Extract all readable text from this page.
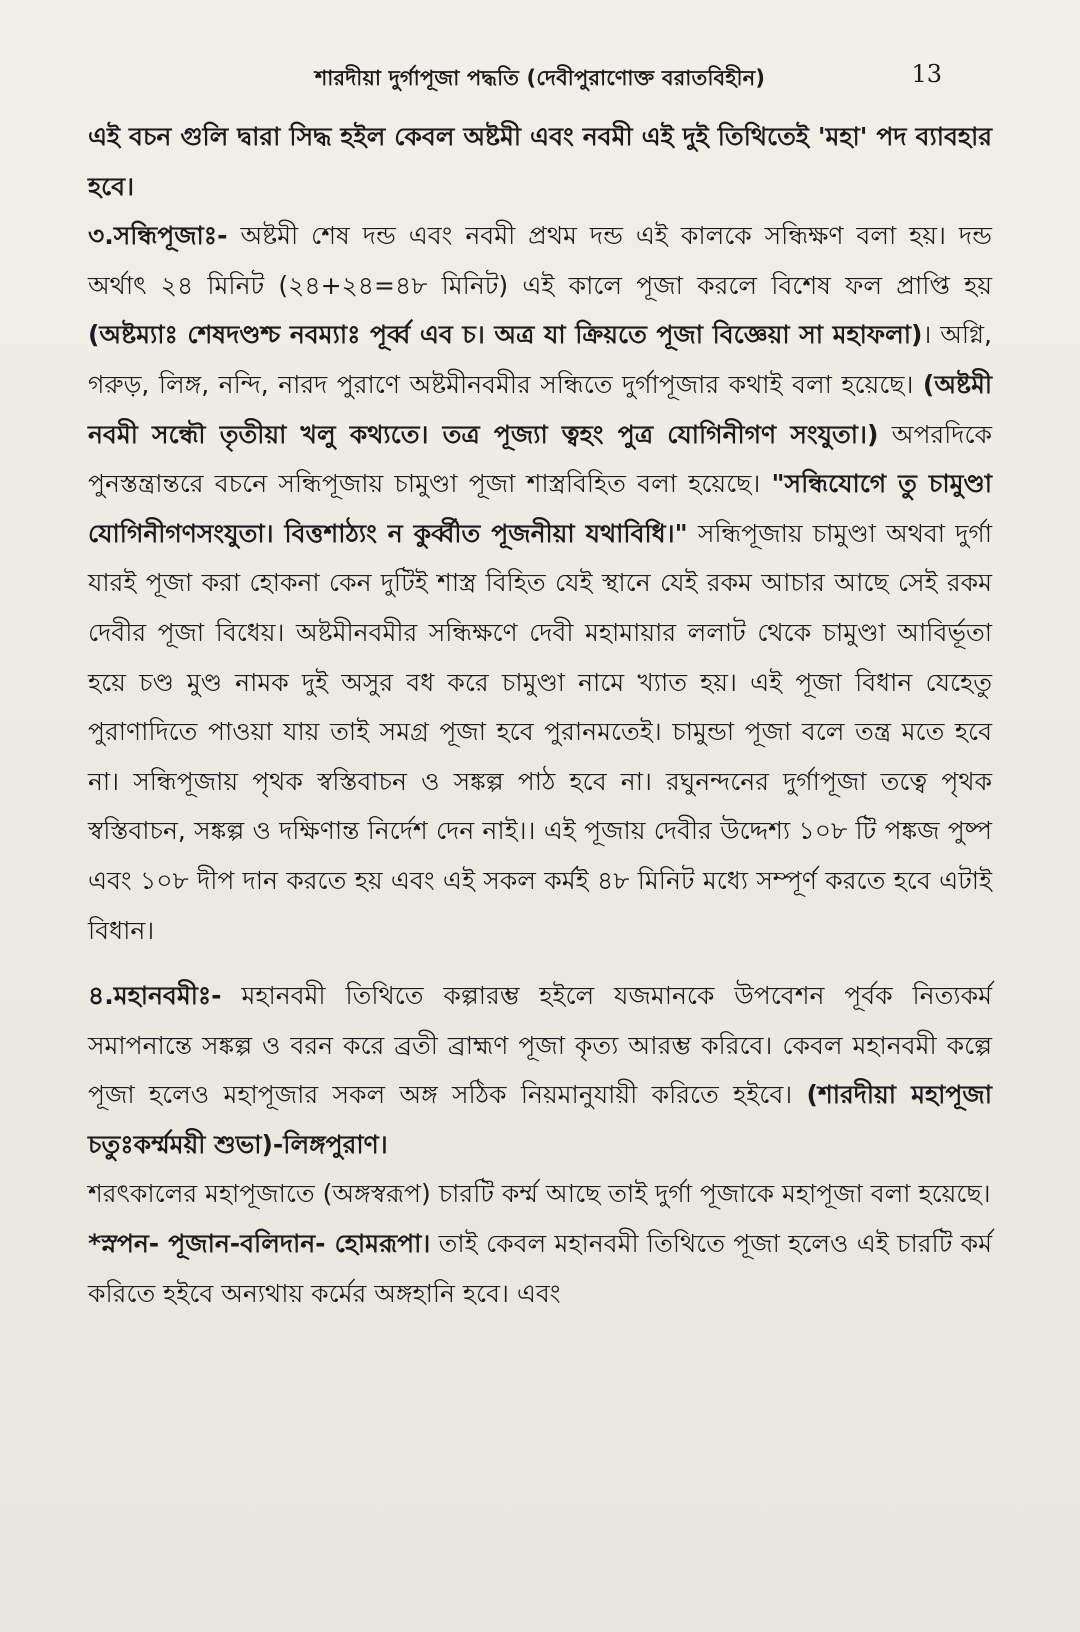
শারদীয়া দুর্গাপূজা পদ্ধতি (দেবীপুরাণোক্ত বরাতবিহীন)	13

এই বচন গুলি দ্বারা সিদ্ধ হইল কেবল অষ্টমী এবং নবমী এই দুই তিথিতেই 'মহা' পদ ব্যাবহার হবে।

৩.সন্ধিপূজাঃ- অষ্টমী শেষ দন্ড এবং নবমী প্রথম দন্ড এই কালকে সন্ধিক্ষণ বলা হয়। দন্ড অর্থাৎ ২৪ মিনিট (২৪+২৪=৪৮ মিনিট) এই কালে পূজা করলে বিশেষ ফল প্রাপ্তি হয় (অষ্টম্যাঃ শেষদণ্ডশ্চ নবম্যাঃ পূর্ব্ব এব চ। অত্র যা ক্রিয়তে পূজা বিজ্ঞেয়া সা মহাফলা)। অগ্নি, গরুড়, লিঙ্গ, নন্দি, নারদ পুরাণে অষ্টমীনবমীর সন্ধিতে দুর্গাপূজার কথাই বলা হয়েছে। (অষ্টমী নবমী সন্ধৌ তৃতীয়া খলু কথ্যতে। তত্র পূজ্যা ত্বহং পুত্র যোগিনীগণ সংযুতা।) অপরদিকে পুনস্তন্ত্রান্তরে বচনে সন্ধিপূজায় চামুণ্ডা পূজা শাস্ত্রবিহিত বলা হয়েছে। "সন্ধিযোগে তু চামুণ্ডা যোগিনীগণসংযুতা। বিত্তশাঠ্যং ন কুর্ব্বীত পূজনীয়া যথাবিধি।" সন্ধিপূজায় চামুণ্ডা অথবা দুর্গা যারই পূজা করা হোকনা কেন দুটিই শাস্ত্র বিহিত যেই স্থানে যেই রকম আচার আছে সেই রকম দেবীর পূজা বিধেয়। অষ্টমীনবমীর সন্ধিক্ষণে দেবী মহামায়ার ললাট থেকে চামুণ্ডা আবির্ভূতা হয়ে চণ্ড মুণ্ড নামক দুই অসুর বধ করে চামুণ্ডা নামে খ্যাত হয়। এই পূজা বিধান যেহেতু পুরাণাদিতে পাওয়া যায় তাই সমগ্র পূজা হবে পুরানমতেই। চামুন্ডা পূজা বলে তন্ত্র মতে হবে না। সন্ধিপূজায় পৃথক স্বস্তিবাচন ও সঙ্কল্প পাঠ হবে না। রঘুনন্দনের দুর্গাপূজা তত্বে পৃথক স্বস্তিবাচন, সঙ্কল্প ও দক্ষিণান্ত নির্দেশ দেন নাই।। এই পূজায় দেবীর উদ্দেশ্য ১০৮ টি পঙ্কজ পুষ্প এবং ১০৮ দীপ দান করতে হয় এবং এই সকল কর্মই ৪৮ মিনিট মধ্যে সম্পূর্ণ করতে হবে এটাই বিধান।

৪.মহানবমীঃ- মহানবমী তিথিতে কল্পারম্ভ হইলে যজমানকে উপবেশন পূর্বক নিত্যকর্ম সমাপনান্তে সঙ্কল্প ও বরন করে ব্রতী ব্রাহ্মণ পূজা কৃত্য আরম্ভ করিবে। কেবল মহানবমী কল্পে পূজা হলেও মহাপূজার সকল অঙ্গ সঠিক নিয়মানুযায়ী করিতে হইবে। (শারদীয়া মহাপূজা চতুঃকর্ম্মময়ী শুভা)-লিঙ্গপুরাণ।

শরৎকালের মহাপূজাতে (অঙ্গস্বরূপ) চারটি কর্ম্ম আছে তাই দুর্গা পূজাকে মহাপূজা বলা হয়েছে।

*স্নপন- পূজান-বলিদান- হোমরূপা। তাই কেবল মহানবমী তিথিতে পূজা হলেও এই চারটি কর্ম করিতে হইবে অন্যথায় কর্মের অঙ্গহানি হবে। এবং
